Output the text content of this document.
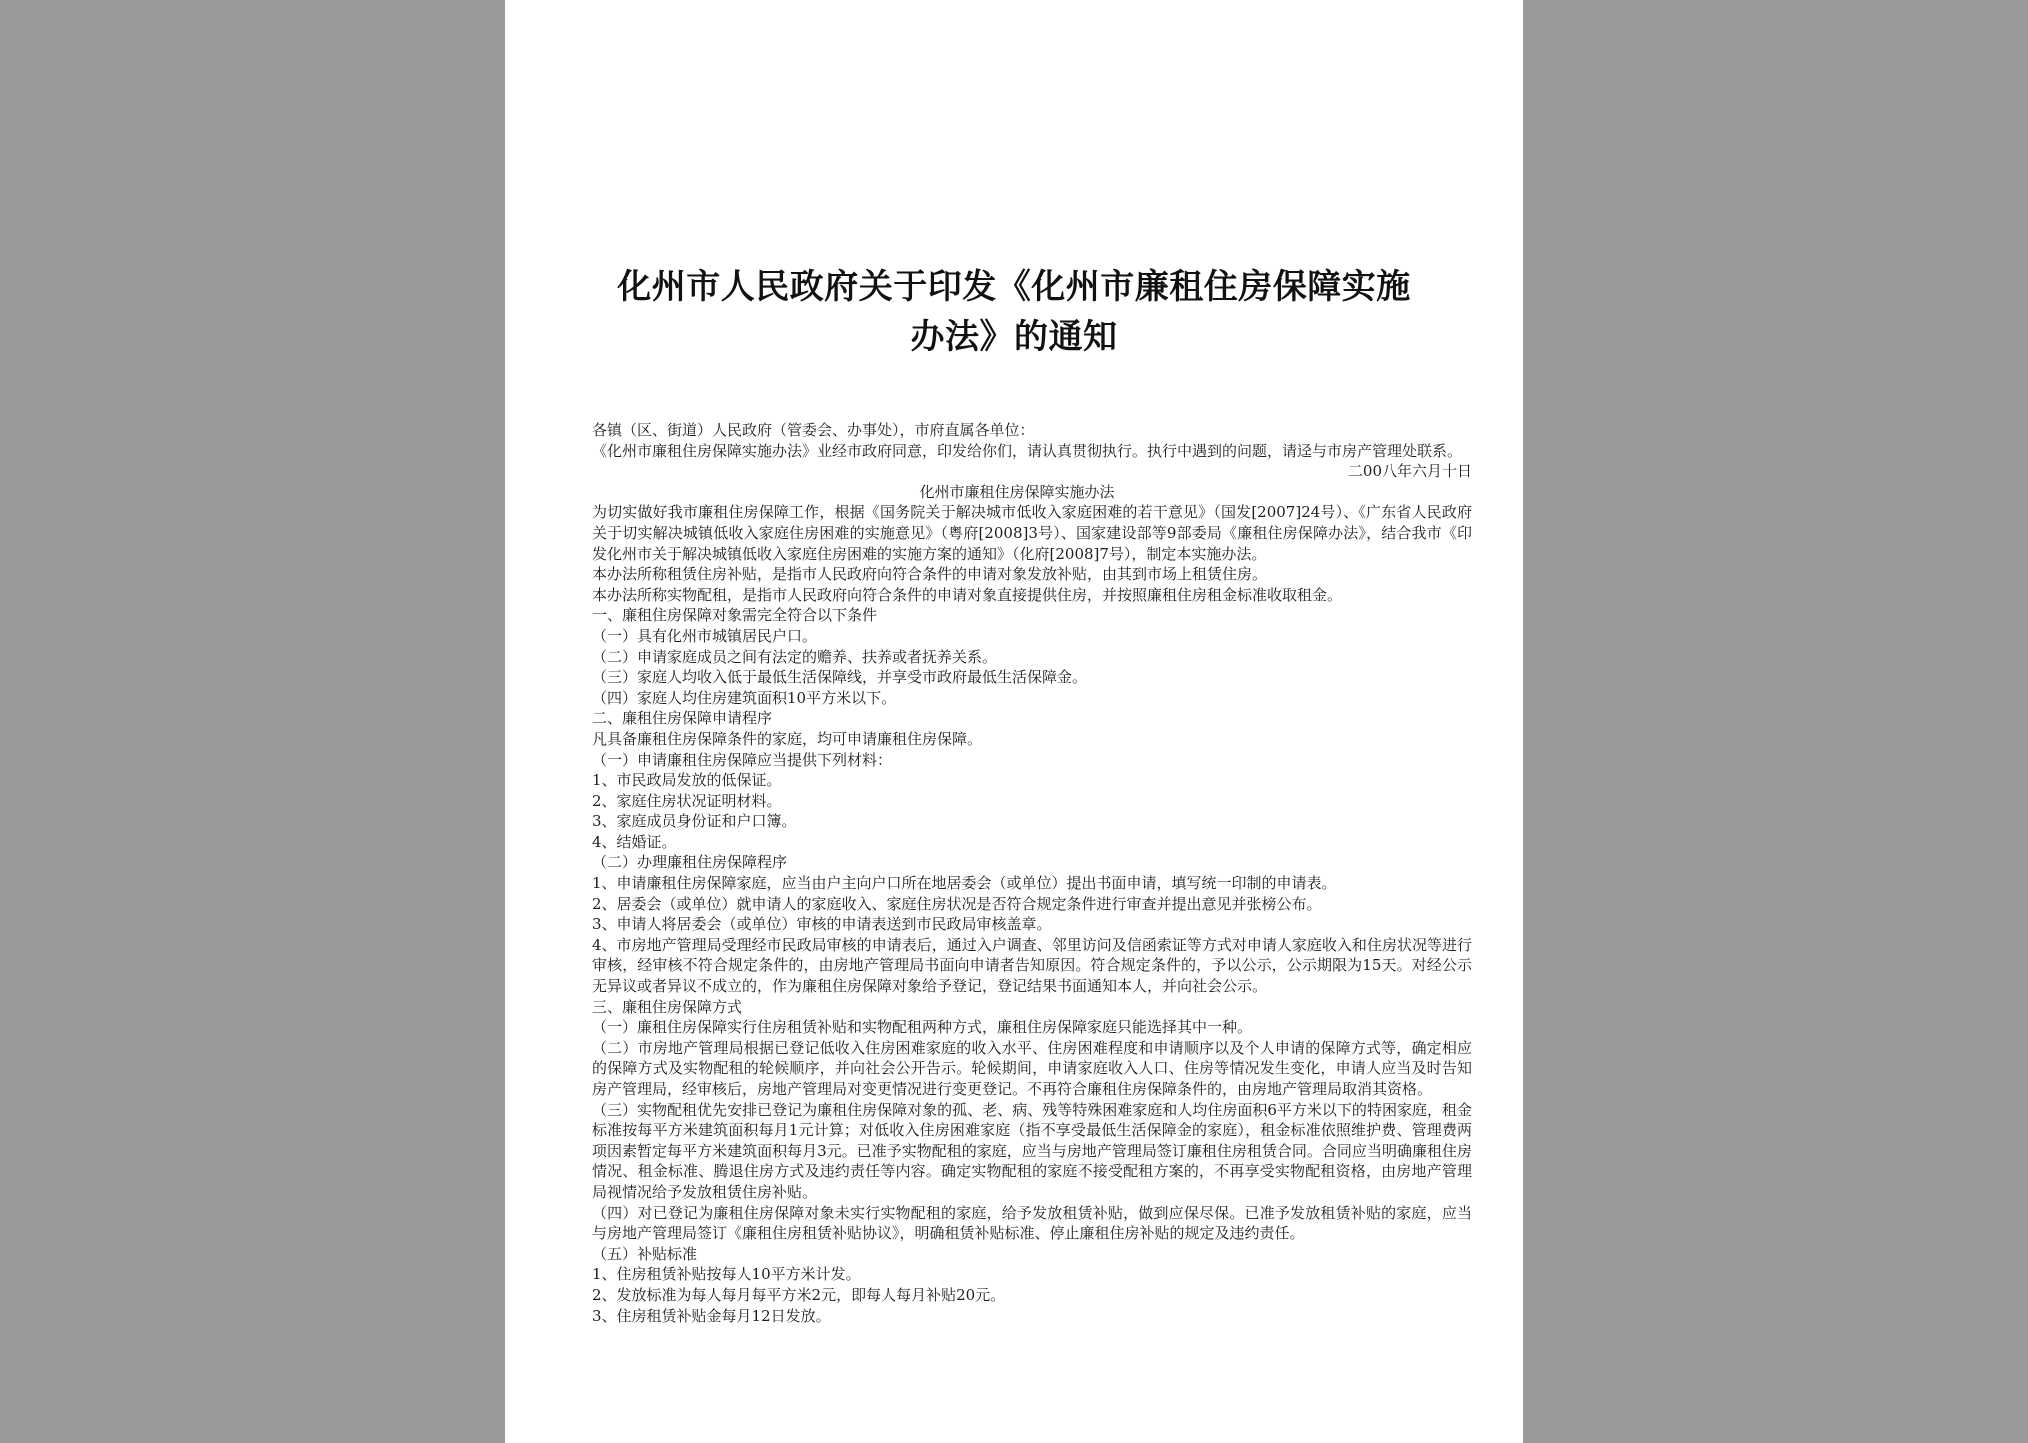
化州市人民政府关于印发《化州市廉租住房保障实施
办法》的通知

各镇（区、街道）人民政府（管委会、办事处），市府直属各单位：

《化州市廉租住房保障实施办法》业经市政府同意，印发给你们，请认真贯彻执行。执行中遇到的问题，请迳与市房产管理处联系。

二00八年六月十日

化州市廉租住房保障实施办法

为切实做好我市廉租住房保障工作，根据《国务院关于解决城市低收入家庭困难的若干意见》（国发[2007]24号）、《广东省人民政府关于切实解决城镇低收入家庭住房困难的实施意见》（粤府[2008]3号）、国家建设部等9部委局《廉租住房保障办法》，结合我市《印发化州市关于解决城镇低收入家庭住房困难的实施方案的通知》（化府[2008]7号），制定本实施办法。

本办法所称租赁住房补贴，是指市人民政府向符合条件的申请对象发放补贴，由其到市场上租赁住房。

本办法所称实物配租，是指市人民政府向符合条件的申请对象直接提供住房，并按照廉租住房租金标准收取租金。

一、廉租住房保障对象需完全符合以下条件

（一）具有化州市城镇居民户口。

（二）申请家庭成员之间有法定的赡养、扶养或者抚养关系。

（三）家庭人均收入低于最低生活保障线，并享受市政府最低生活保障金。

（四）家庭人均住房建筑面积10平方米以下。

二、廉租住房保障申请程序

凡具备廉租住房保障条件的家庭，均可申请廉租住房保障。

（一）申请廉租住房保障应当提供下列材料：

1、市民政局发放的低保证。

2、家庭住房状况证明材料。

3、家庭成员身份证和户口簿。

4、结婚证。

（二）办理廉租住房保障程序

1、申请廉租住房保障家庭，应当由户主向户口所在地居委会（或单位）提出书面申请，填写统一印制的申请表。

2、居委会（或单位）就申请人的家庭收入、家庭住房状况是否符合规定条件进行审查并提出意见并张榜公布。

3、申请人将居委会（或单位）审核的申请表送到市民政局审核盖章。

4、市房地产管理局受理经市民政局审核的申请表后，通过入户调查、邻里访问及信函索证等方式对申请人家庭收入和住房状况等进行审核，经审核不符合规定条件的，由房地产管理局书面向申请者告知原因。符合规定条件的，予以公示，公示期限为15天。对经公示无异议或者异议不成立的，作为廉租住房保障对象给予登记，登记结果书面通知本人，并向社会公示。

三、廉租住房保障方式

（一）廉租住房保障实行住房租赁补贴和实物配租两种方式，廉租住房保障家庭只能选择其中一种。

（二）市房地产管理局根据已登记低收入住房困难家庭的收入水平、住房困难程度和申请顺序以及个人申请的保障方式等，确定相应的保障方式及实物配租的轮候顺序，并向社会公开告示。轮候期间，申请家庭收入人口、住房等情况发生变化，申请人应当及时告知房产管理局，经审核后，房地产管理局对变更情况进行变更登记。不再符合廉租住房保障条件的，由房地产管理局取消其资格。

（三）实物配租优先安排已登记为廉租住房保障对象的孤、老、病、残等特殊困难家庭和人均住房面积6平方米以下的特困家庭，租金标准按每平方米建筑面积每月1元计算；对低收入住房困难家庭（指不享受最低生活保障金的家庭），租金标准依照维护费、管理费两项因素暂定每平方米建筑面积每月3元。已准予实物配租的家庭，应当与房地产管理局签订廉租住房租赁合同。合同应当明确廉租住房情况、租金标准、腾退住房方式及违约责任等内容。确定实物配租的家庭不接受配租方案的，不再享受实物配租资格，由房地产管理局视情况给予发放租赁住房补贴。

（四）对已登记为廉租住房保障对象未实行实物配租的家庭，给予发放租赁补贴，做到应保尽保。已准予发放租赁补贴的家庭，应当与房地产管理局签订《廉租住房租赁补贴协议》，明确租赁补贴标准、停止廉租住房补贴的规定及违约责任。

（五）补贴标准

1、住房租赁补贴按每人10平方米计发。

2、发放标准为每人每月每平方米2元，即每人每月补贴20元。

3、住房租赁补贴金每月12日发放。
